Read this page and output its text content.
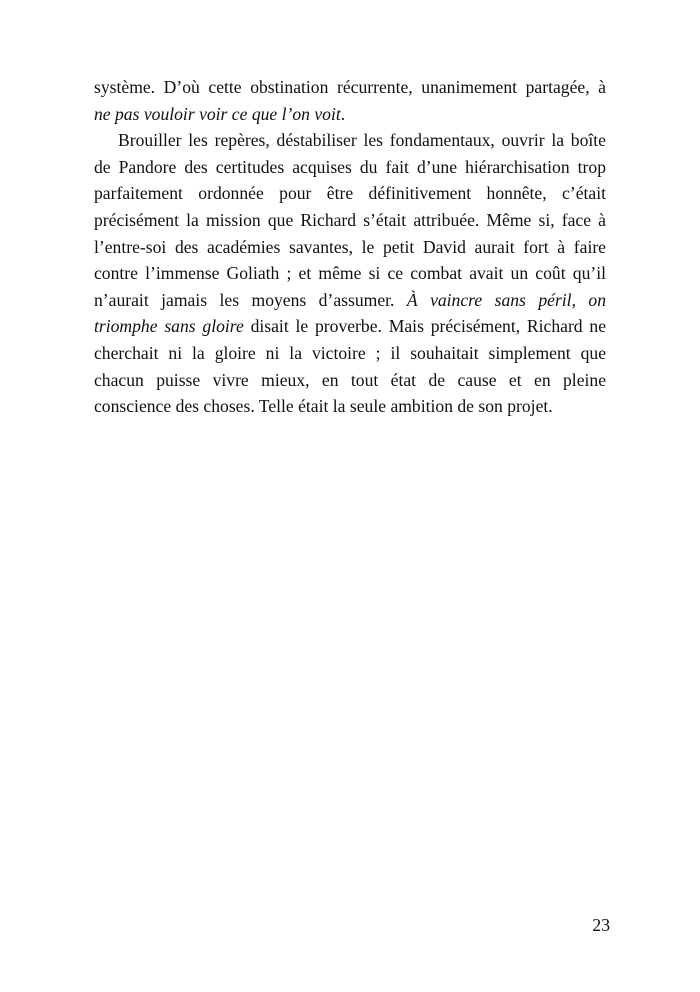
système. D’où cette obstination récurrente, unanimement partagée, à
ne pas vouloir voir ce que l’on voit.
Brouiller les repères, déstabiliser les fondamentaux, ouvrir la boîte
de Pandore des certitudes acquises du fait d’une hiérarchisation trop
parfaitement ordonnée pour être définitivement honnête, c’était
précisément la mission que Richard s’était attribuée. Même si, face à
l’entre-soi des académies savantes, le petit David aurait fort à faire
contre l’immense Goliath ; et même si ce combat avait un coût qu’il
n’aurait jamais les moyens d’assumer. À vaincre sans péril, on
triomphe sans gloire disait le proverbe. Mais précisément, Richard ne
cherchait ni la gloire ni la victoire ; il souhaitait simplement que
chacun puisse vivre mieux, en tout état de cause et en pleine
conscience des choses. Telle était la seule ambition de son projet.
23
